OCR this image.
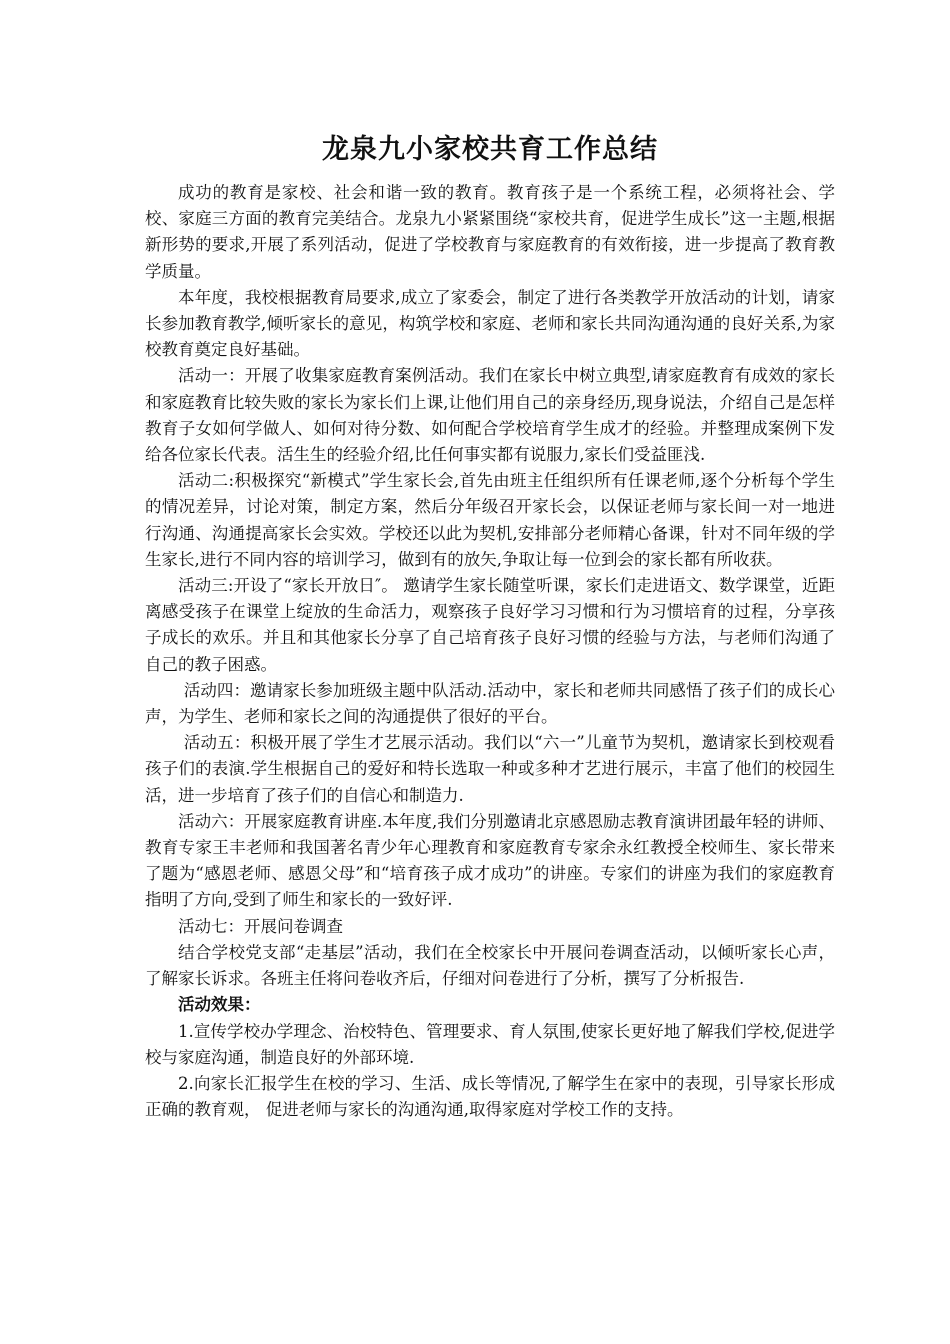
龙泉九小家校共育工作总结

成功的教育是家校、社会和谐一致的教育。教育孩子是一个系统工程，必须将社会、学校、家庭三方面的教育完美结合。龙泉九小紧紧围绕“家校共育，促进学生成长”这一主题,根据新形势的要求,开展了系列活动，促进了学校教育与家庭教育的有效衔接，进一步提高了教育教学质量。

本年度，我校根据教育局要求,成立了家委会，制定了进行各类教学开放活动的计划，请家长参加教育教学,倾听家长的意见，构筑学校和家庭、老师和家长共同沟通沟通的良好关系,为家校教育奠定良好基础。

活动一：开展了收集家庭教育案例活动。我们在家长中树立典型,请家庭教育有成效的家长和家庭教育比较失败的家长为家长们上课,让他们用自己的亲身经历,现身说法，介绍自己是怎样教育子女如何学做人、如何对待分数、如何配合学校培育学生成才的经验。并整理成案例下发给各位家长代表。活生生的经验介绍,比任何事实都有说服力,家长们受益匪浅.

活动二:积极探究“新模式”学生家长会,首先由班主任组织所有任课老师,逐个分析每个学生的情况差异，讨论对策，制定方案，然后分年级召开家长会，以保证老师与家长间一对一地进行沟通、沟通提高家长会实效。学校还以此为契机,安排部分老师精心备课，针对不同年级的学生家长,进行不同内容的培训学习，做到有的放矢,争取让每一位到会的家长都有所收获。

活动三:开设了“家长开放日″。 邀请学生家长随堂听课，家长们走进语文、数学课堂，近距离感受孩子在课堂上绽放的生命活力，观察孩子良好学习习惯和行为习惯培育的过程，分享孩子成长的欢乐。并且和其他家长分享了自己培育孩子良好习惯的经验与方法，与老师们沟通了自己的教子困惑。

活动四：邀请家长参加班级主题中队活动.活动中，家长和老师共同感悟了孩子们的成长心声，为学生、老师和家长之间的沟通提供了很好的平台。

活动五：积极开展了学生才艺展示活动。我们以“六一”儿童节为契机，邀请家长到校观看孩子们的表演.学生根据自己的爱好和特长选取一种或多种才艺进行展示，丰富了他们的校园生活，进一步培育了孩子们的自信心和制造力.

活动六：开展家庭教育讲座.本年度,我们分别邀请北京感恩励志教育演讲团最年轻的讲师、教育专家王丰老师和我国著名青少年心理教育和家庭教育专家余永红教授全校师生、家长带来了题为“感恩老师、感恩父母”和“培育孩子成才成功”的讲座。专家们的讲座为我们的家庭教育指明了方向,受到了师生和家长的一致好评.

活动七：开展问卷调查

结合学校党支部“走基层”活动，我们在全校家长中开展问卷调查活动，以倾听家长心声，了解家长诉求。各班主任将问卷收齐后，仔细对问卷进行了分析，撰写了分析报告.

活动效果：

1.宣传学校办学理念、治校特色、管理要求、育人氛围,使家长更好地了解我们学校,促进学校与家庭沟通，制造良好的外部环境.

2.向家长汇报学生在校的学习、生活、成长等情况,了解学生在家中的表现，引导家长形成正确的教育观， 促进老师与家长的沟通沟通,取得家庭对学校工作的支持。
